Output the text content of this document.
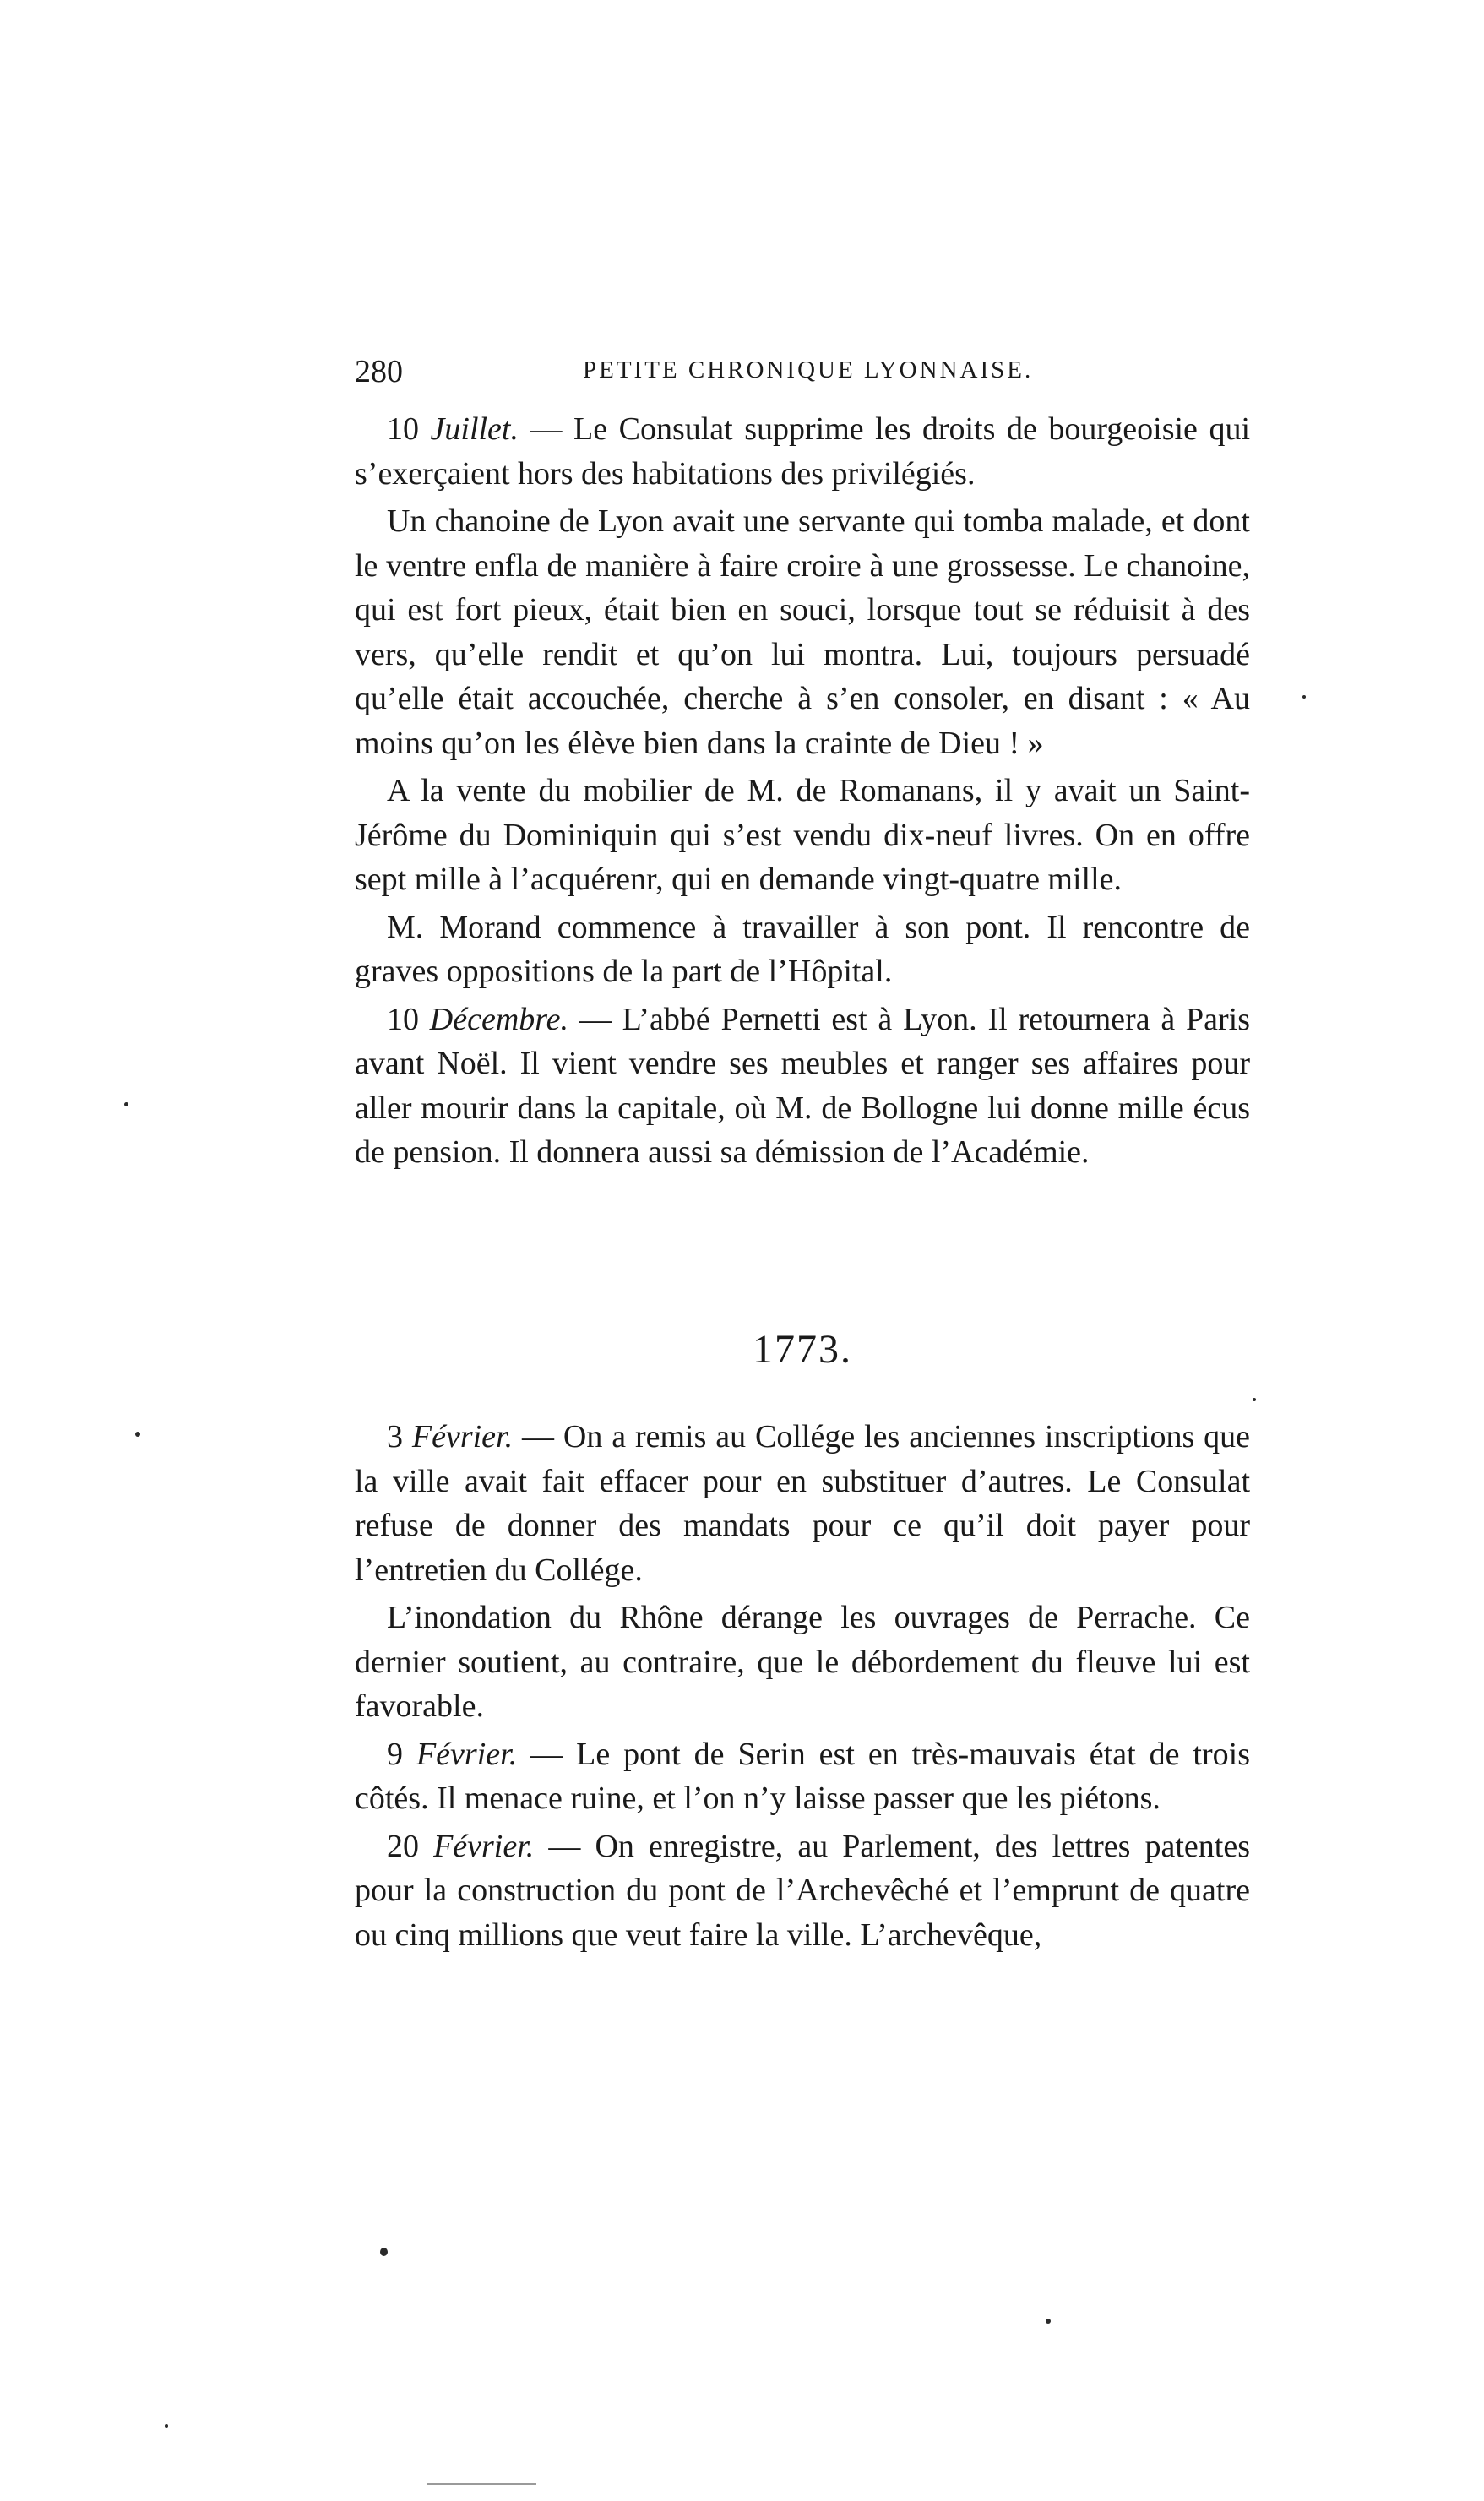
280	PETITE CHRONIQUE LYONNAISE.

10 Juillet. — Le Consulat supprime les droits de bourgeoisie qui s’exerçaient hors des habitations des privilégiés.

Un chanoine de Lyon avait une servante qui tomba malade, et dont le ventre enfla de manière à faire croire à une grossesse. Le chanoine, qui est fort pieux, était bien en souci, lorsque tout se réduisit à des vers, qu’elle rendit et qu’on lui montra. Lui, toujours persuadé qu’elle était accouchée, cherche à s’en consoler, en disant : « Au moins qu’on les élève bien dans la crainte de Dieu ! »

A la vente du mobilier de M. de Romanans, il y avait un Saint-Jérôme du Dominiquin qui s’est vendu dix-neuf livres. On en offre sept mille à l’acquérenr, qui en demande vingt-quatre mille.

M. Morand commence à travailler à son pont. Il rencontre de graves oppositions de la part de l’Hôpital.

10 Décembre. — L’abbé Pernetti est à Lyon. Il retournera à Paris avant Noël. Il vient vendre ses meubles et ranger ses affaires pour aller mourir dans la capitale, où M. de Bollogne lui donne mille écus de pension. Il donnera aussi sa démission de l’Académie.

1773.

3 Février. — On a remis au Collége les anciennes inscriptions que la ville avait fait effacer pour en substituer d’autres. Le Consulat refuse de donner des mandats pour ce qu’il doit payer pour l’entretien du Collége.

L’inondation du Rhône dérange les ouvrages de Perrache. Ce dernier soutient, au contraire, que le débordement du fleuve lui est favorable.

9 Février. — Le pont de Serin est en très-mauvais état de trois côtés. Il menace ruine, et l’on n’y laisse passer que les piétons.

20 Février. — On enregistre, au Parlement, des lettres patentes pour la construction du pont de l’Archevêché et l’emprunt de quatre ou cinq millions que veut faire la ville. L’archevêque,
